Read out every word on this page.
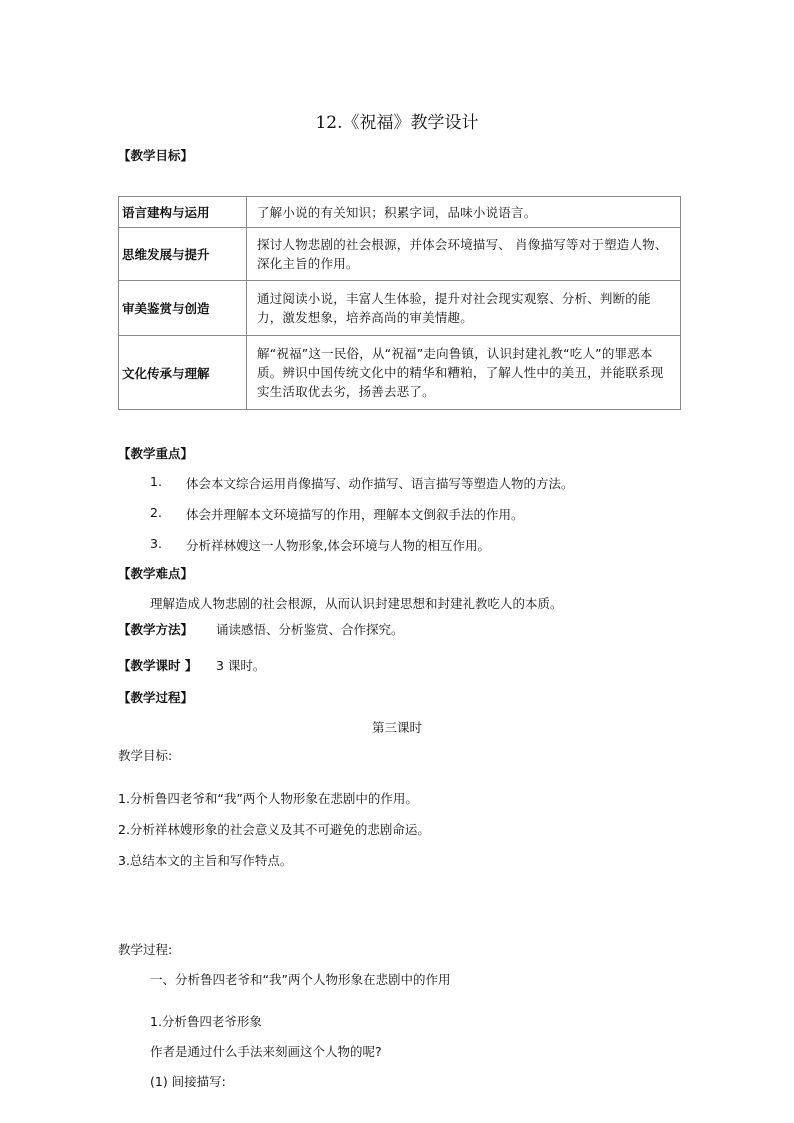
12.《祝福》教学设计
【教学目标】
语言建构与运用	了解小说的有关知识；积累字词，品味小说语言。
思维发展与提升	探讨人物悲剧的社会根源，并体会环境描写、 肖像描写等对于塑造人物、深化主旨的作用。
审美鉴赏与创造	通过阅读小说，丰富人生体验，提升对社会现实观察、分析、判断的能力，激发想象，培养高尚的审美情趣。
文化传承与理解	解“祝福”这一民俗，从“祝福”走向鲁镇，认识封建礼教“吃人”的罪恶本质。辨识中国传统文化中的精华和糟粕，了解人性中的美丑，并能联系现实生活取优去劣，扬善去恶了。
【教学重点】
1. 体会本文综合运用肖像描写、动作描写、语言描写等塑造人物的方法。
2. 体会并理解本文环境描写的作用，理解本文倒叙手法的作用。
3. 分析祥林嫂这一人物形象,体会环境与人物的相互作用。
【教学难点】
理解造成人物悲剧的社会根源，从而认识封建思想和封建礼教吃人的本质。
【教学方法】 诵读感悟、分析鉴赏、合作探究。
【教学课时 】 3 课时。
【教学过程】
第三课时
教学目标:
1.分析鲁四老爷和“我”两个人物形象在悲剧中的作用。
2.分析祥林嫂形象的社会意义及其不可避免的悲剧命运。
3.总结本文的主旨和写作特点。
教学过程:
一、分析鲁四老爷和“我”两个人物形象在悲剧中的作用
1.分析鲁四老爷形象
作者是通过什么手法来刻画这个人物的呢?
(1) 间接描写:
